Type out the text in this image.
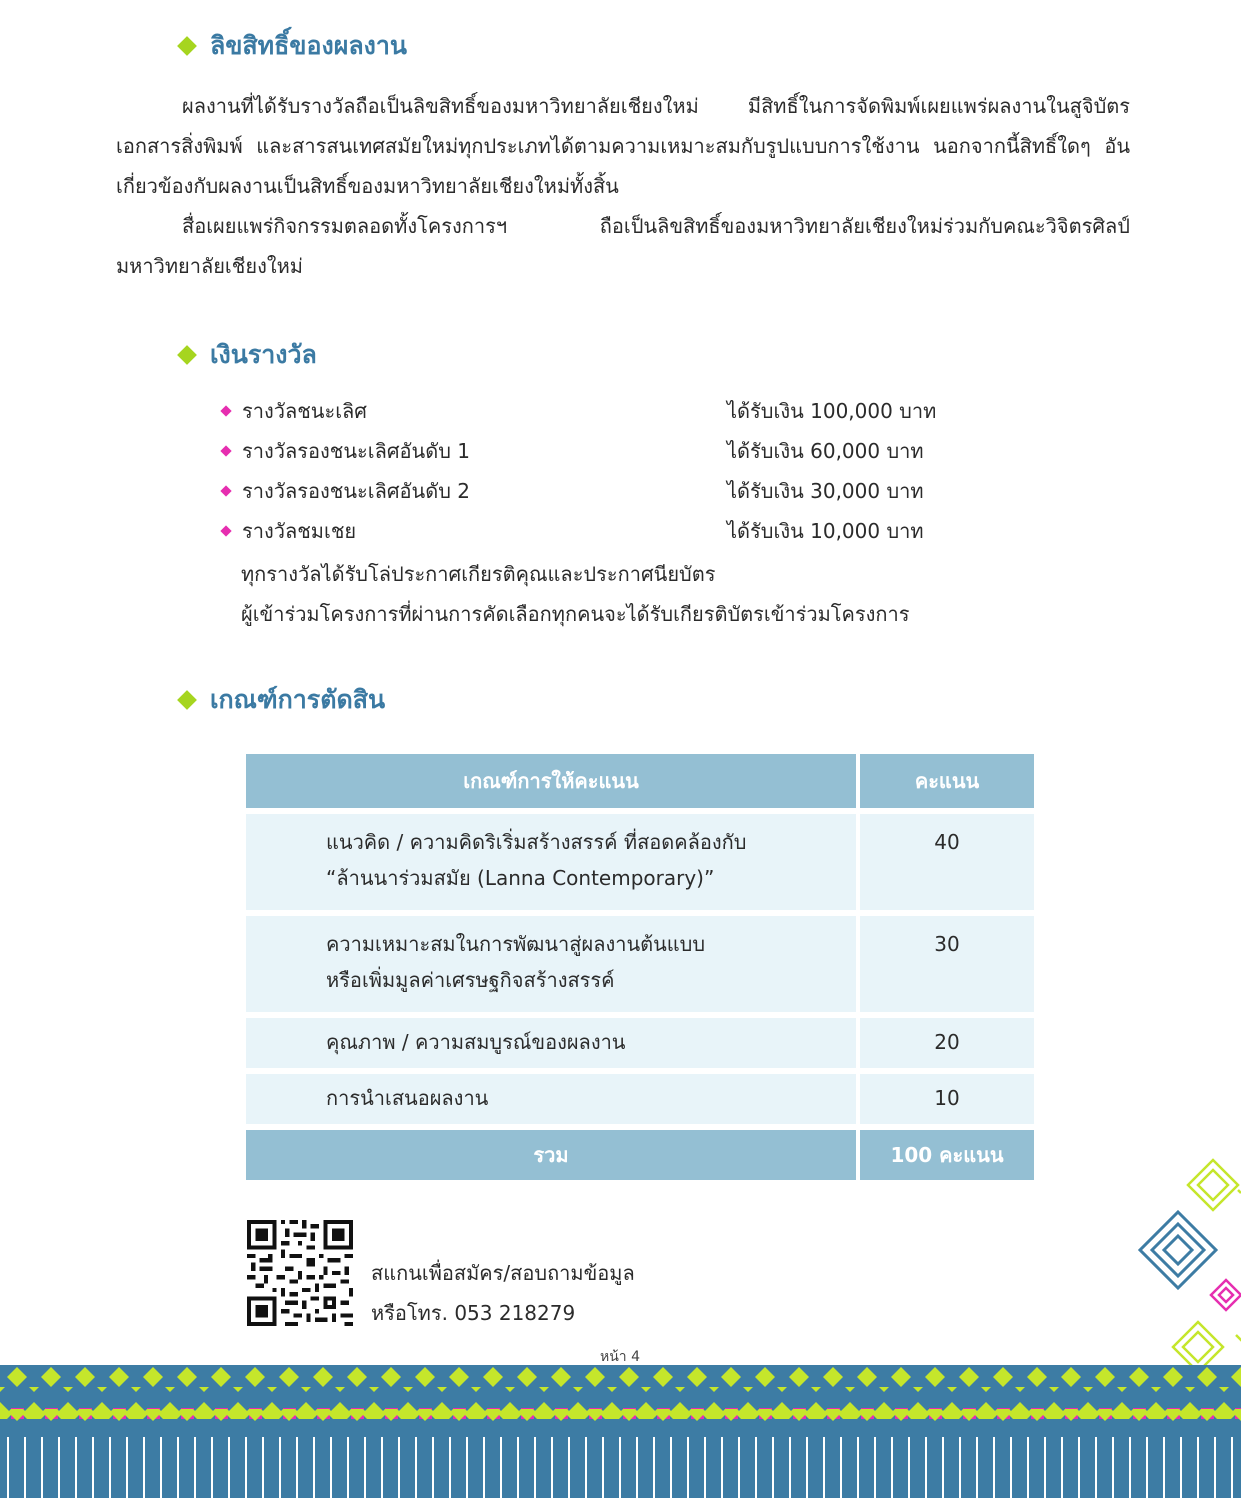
ลิขสิทธิ์ของผลงาน

ผลงานที่ได้รับรางวัลถือเป็นลิขสิทธิ์ของมหาวิทยาลัยเชียงใหม่ มีสิทธิ์ในการจัดพิมพ์เผยแพร่ผลงานในสูจิบัตร เอกสารสิ่งพิมพ์ และสารสนเทศสมัยใหม่ทุกประเภทได้ตามความเหมาะสมกับรูปแบบการใช้งาน นอกจากนี้สิทธิ์ใดๆ อันเกี่ยวข้องกับผลงานเป็นสิทธิ์ของมหาวิทยาลัยเชียงใหม่ทั้งสิ้น

สื่อเผยแพร่กิจกรรมตลอดทั้งโครงการฯ ถือเป็นลิขสิทธิ์ของมหาวิทยาลัยเชียงใหม่ร่วมกับคณะวิจิตรศิลป์ มหาวิทยาลัยเชียงใหม่

เงินรางวัล
รางวัลชนะเลิศ	ได้รับเงิน 100,000 บาท
รางวัลรองชนะเลิศอันดับ 1	ได้รับเงิน 60,000 บาท
รางวัลรองชนะเลิศอันดับ 2	ได้รับเงิน 30,000 บาท
รางวัลชมเชย	ได้รับเงิน 10,000 บาท
ทุกรางวัลได้รับโล่ประกาศเกียรติคุณและประกาศนียบัตร
ผู้เข้าร่วมโครงการที่ผ่านการคัดเลือกทุกคนจะได้รับเกียรติบัตรเข้าร่วมโครงการ
เกณฑ์การตัดสิน
เกณฑ์การให้คะแนน	คะแนน

แนวคิด / ความคิดริเริ่มสร้างสรรค์ ที่สอดคล้องกับ
“ล้านนาร่วมสมัย (Lanna Contemporary)”	40

ความเหมาะสมในการพัฒนาสู่ผลงานต้นแบบ
หรือเพิ่มมูลค่าเศรษฐกิจสร้างสรรค์	30

คุณภาพ / ความสมบูรณ์ของผลงาน	20

การนำเสนอผลงาน	10
รวม	100 คะแนน
สแกนเพื่อสมัคร/สอบถามข้อมูล
หรือโทร. 053 218279
หน้า 4
